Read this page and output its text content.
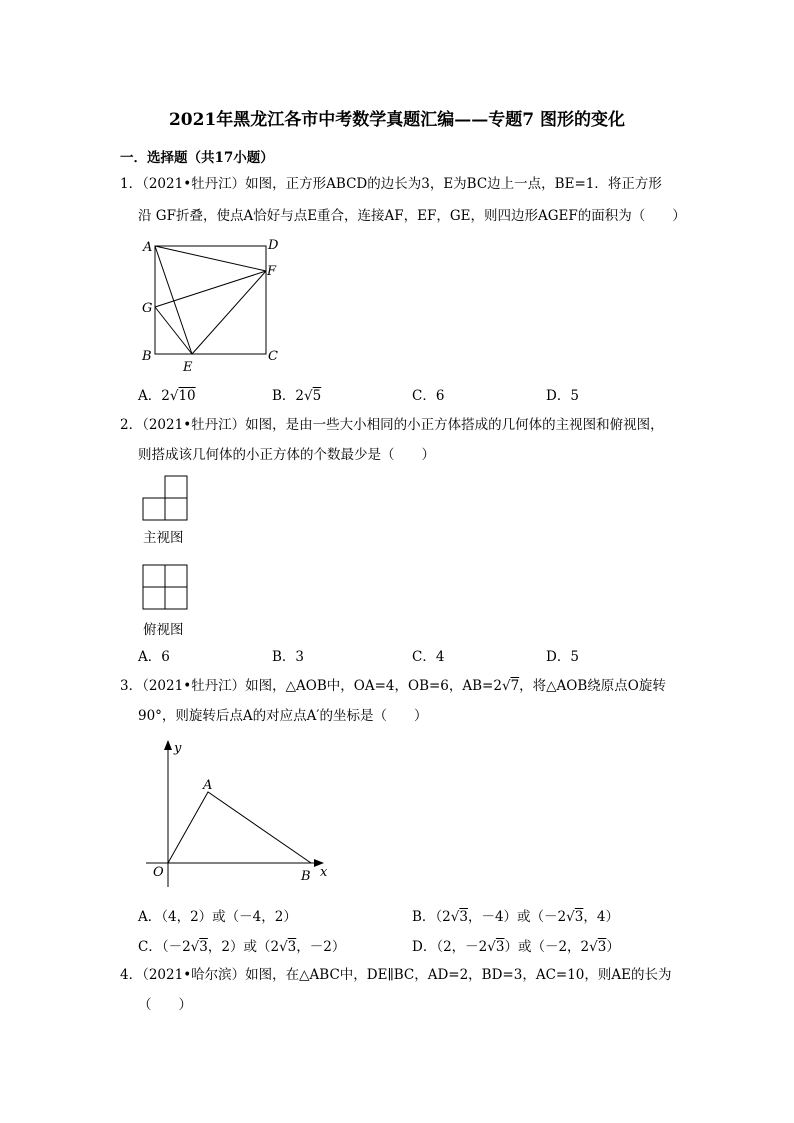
2021年黑龙江各市中考数学真题汇编——专题7 图形的变化
一．选择题（共17小题）
1．（2021•牡丹江）如图，正方形ABCD的边长为3，E为BC边上一点，BE=1．将正方形
沿 GF折叠，使点A恰好与点E重合，连接AF，EF，GE，则四边形AGEF的面积为（　　）
A	D
F
G
B
E
C
A．2√10	B．2√5	C．6	D．5
2．（2021•牡丹江）如图，是由一些大小相同的小正方体搭成的几何体的主视图和俯视图，
则搭成该几何体的小正方体的个数最少是（　　）
主视图
俯视图
A．6	B．3	C．4	D．5
3．（2021•牡丹江）如图，△AOB中，OA=4，OB=6，AB=2√7，将△AOB绕原点O旋转
90°，则旋转后点A的对应点A′的坐标是（　　）
y
x
A
O	B
A．（4，2）或（－4，2）	B．（2√3，－4）或（－2√3，4）
C．（－2√3，2）或（2√3，－2）	D．（2，－2√3）或（－2，2√3）
4．（2021•哈尔滨）如图，在△ABC中，DE∥BC，AD=2，BD=3，AC=10，则AE的长为
（　　）
